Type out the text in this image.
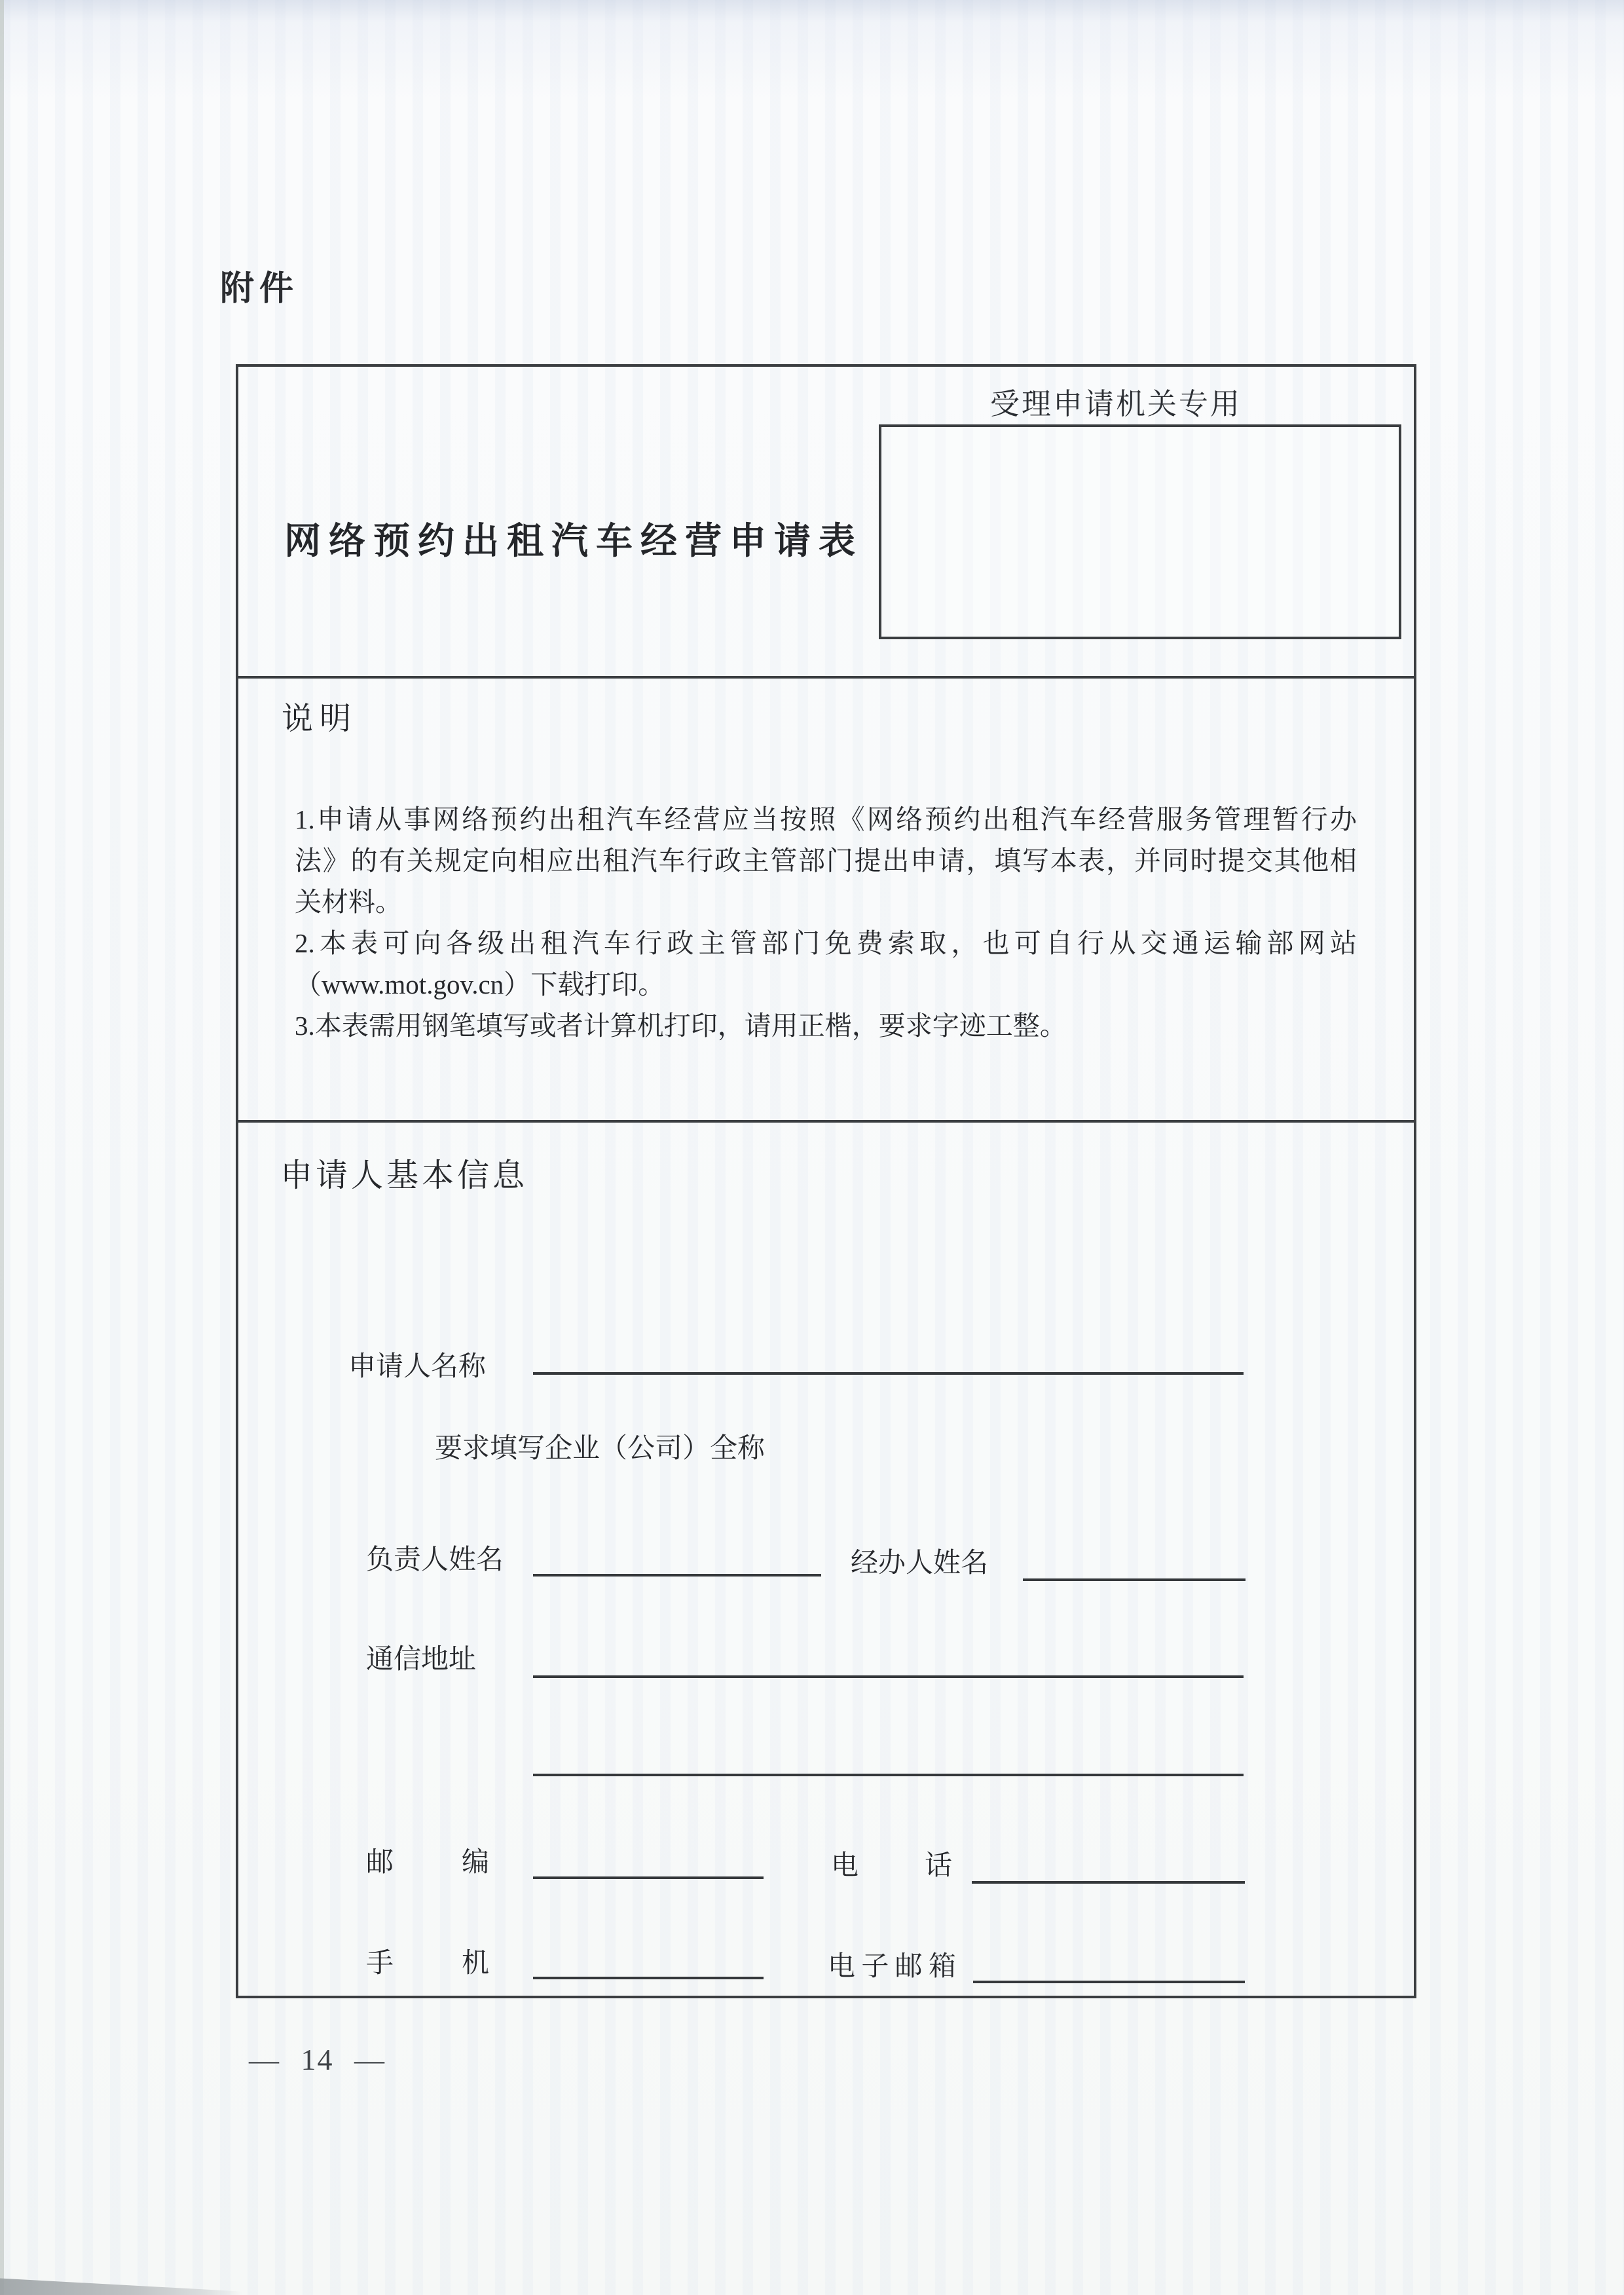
附件
受理申请机关专用
网络预约出租汽车经营申请表
说明
1.申请从事网络预约出租汽车经营应当按照《网络预约出租汽车经营服务管理暂行办
法》的有关规定向相应出租汽车行政主管部门提出申请，填写本表，并同时提交其他相
关材料。
2.本表可向各级出租汽车行政主管部门免费索取，也可自行从交通运输部网站
（www.mot.gov.cn）下载打印。
3.本表需用钢笔填写或者计算机打印，请用正楷，要求字迹工整。
申请人基本信息
申请人名称
要求填写企业（公司）全称
负责人姓名	经办人姓名
通信地址
邮编	电话
手机	电子邮箱
— 14 —
